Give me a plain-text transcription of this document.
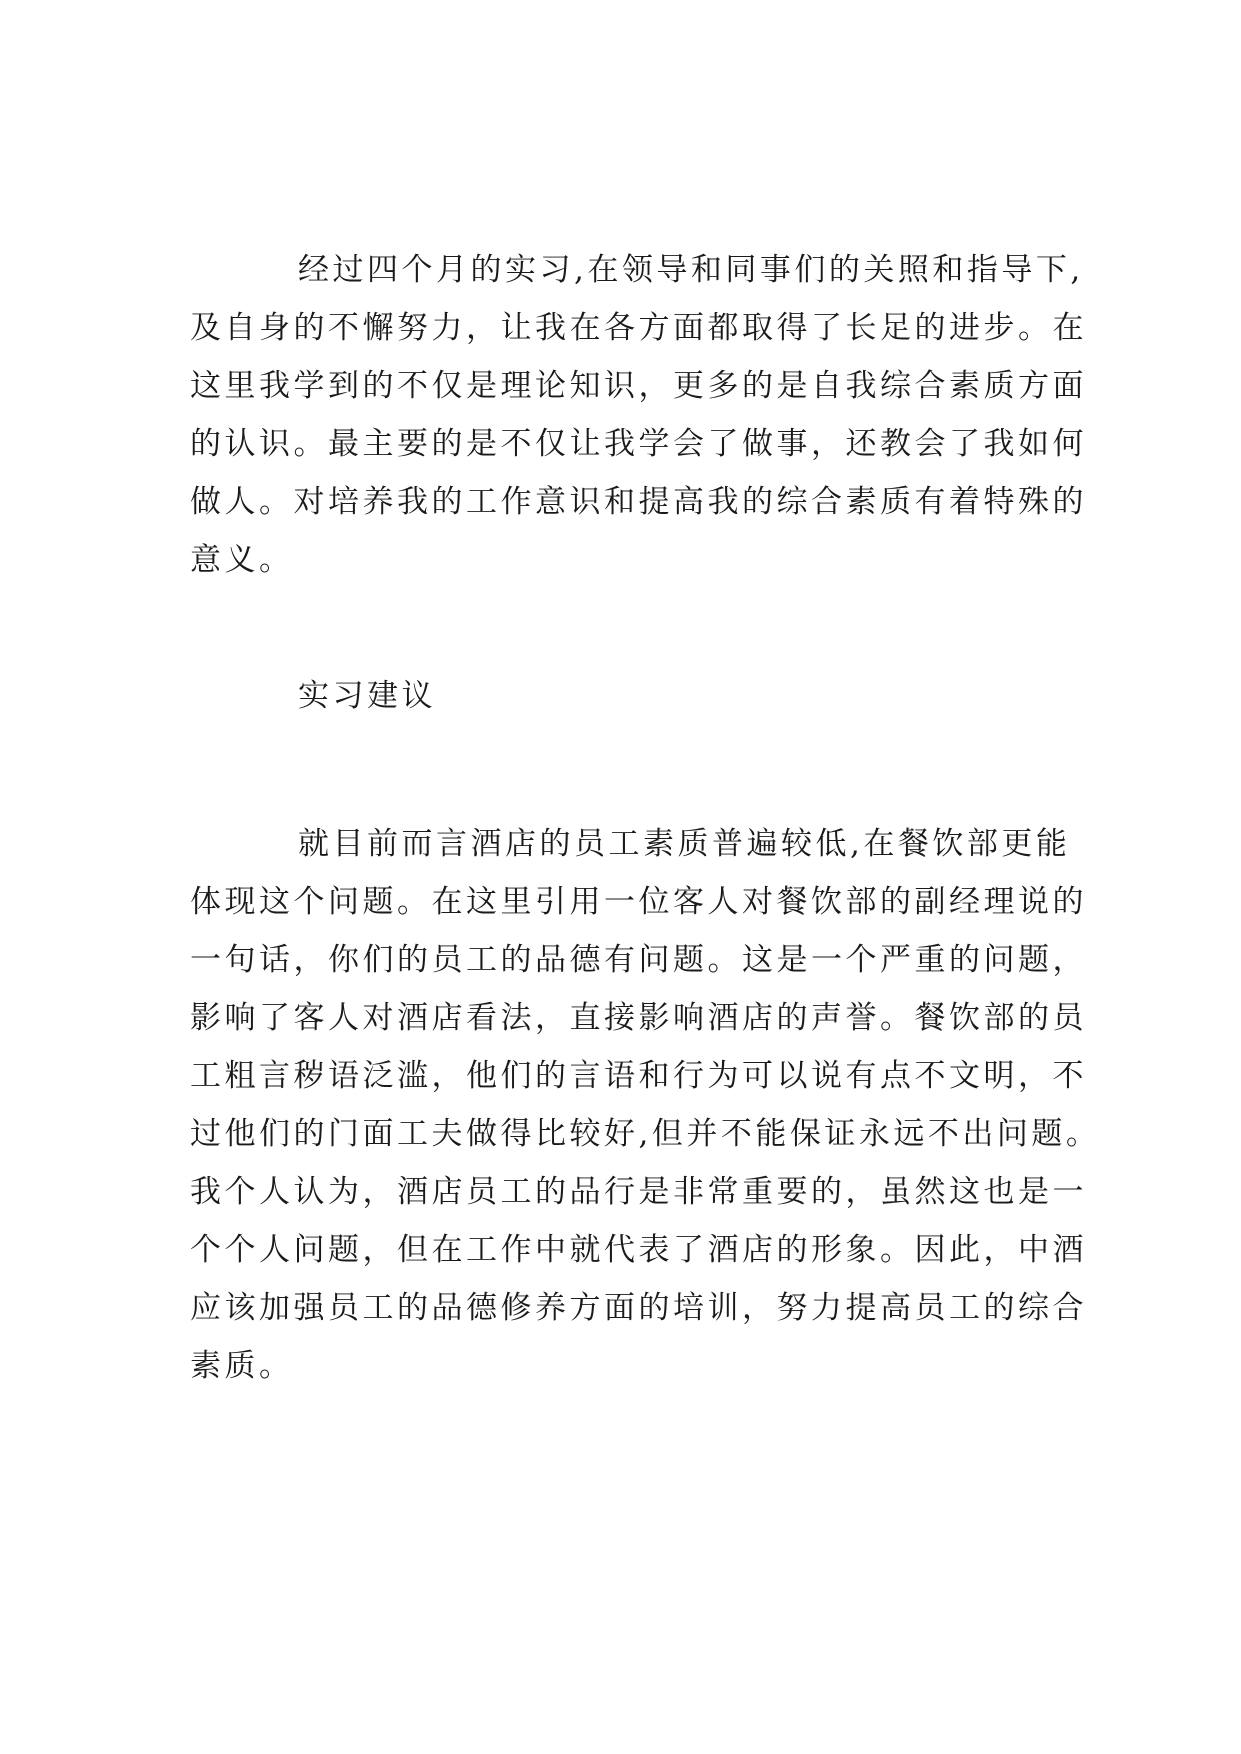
经过四个月的实习,在领导和同事们的关照和指导下,
及自身的不懈努力，让我在各方面都取得了长足的进步。在
这里我学到的不仅是理论知识，更多的是自我综合素质方面
的认识。最主要的是不仅让我学会了做事，还教会了我如何
做人。对培养我的工作意识和提高我的综合素质有着特殊的
意义。
实习建议
就目前而言酒店的员工素质普遍较低,在餐饮部更能
体现这个问题。在这里引用一位客人对餐饮部的副经理说的
一句话，你们的员工的品德有问题。这是一个严重的问题，
影响了客人对酒店看法，直接影响酒店的声誉。餐饮部的员
工粗言秽语泛滥，他们的言语和行为可以说有点不文明，不
过他们的门面工夫做得比较好,但并不能保证永远不出问题。
我个人认为，酒店员工的品行是非常重要的，虽然这也是一
个个人问题，但在工作中就代表了酒店的形象。因此，中酒
应该加强员工的品德修养方面的培训，努力提高员工的综合
素质。
